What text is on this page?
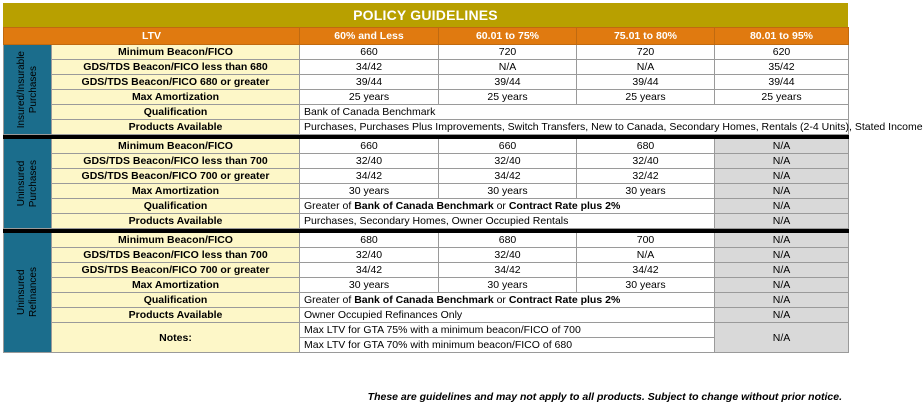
POLICY GUIDELINES
LTV		60% and Less	60.01 to 75%	75.01 to 80%	80.01 to 95%

Insured/Insurable
Purchases	Minimum Beacon/FICO	660	720	720	620
	GDS/TDS Beacon/FICO less than 680	34/42	N/A	N/A	35/42
	GDS/TDS Beacon/FICO 680 or greater	39/44	39/44	39/44	39/44
	Max Amortization	25 years	25 years	25 years	25 years
	Qualification	Bank of Canada Benchmark			
	Products Available	Purchases, Purchases Plus Improvements, Switch Transfers, New to Canada, Secondary Homes, Rentals (2-4 Units), Stated Income			

Uninsured
Purchases	Minimum Beacon/FICO	660	660	680	N/A
	GDS/TDS Beacon/FICO less than 700	32/40	32/40	32/40	N/A
	GDS/TDS Beacon/FICO 700 or greater	34/42	34/42	32/42	N/A
	Max Amortization	30 years	30 years	30 years	N/A
	Qualification	Greater of Bank of Canada Benchmark or Contract Rate plus 2%			N/A
	Products Available	Purchases, Secondary Homes, Owner Occupied Rentals			N/A

Uninsured
Refinances	Minimum Beacon/FICO	680	680	700	N/A
	GDS/TDS Beacon/FICO less than 700	32/40	32/40	N/A	N/A
	GDS/TDS Beacon/FICO 700 or greater	34/42	34/42	34/42	N/A
	Max Amortization	30 years	30 years	30 years	N/A
	Qualification	Greater of Bank of Canada Benchmark or Contract Rate plus 2%			N/A
	Products Available	Owner Occupied Refinances Only			N/A
	Notes:	Max LTV for GTA 75% with a minimum beacon/FICO of 700			N/A
		Max LTV for GTA 70% with minimum beacon/FICO of 680			
These are guidelines and may not apply to all products. Subject to change without prior notice.
